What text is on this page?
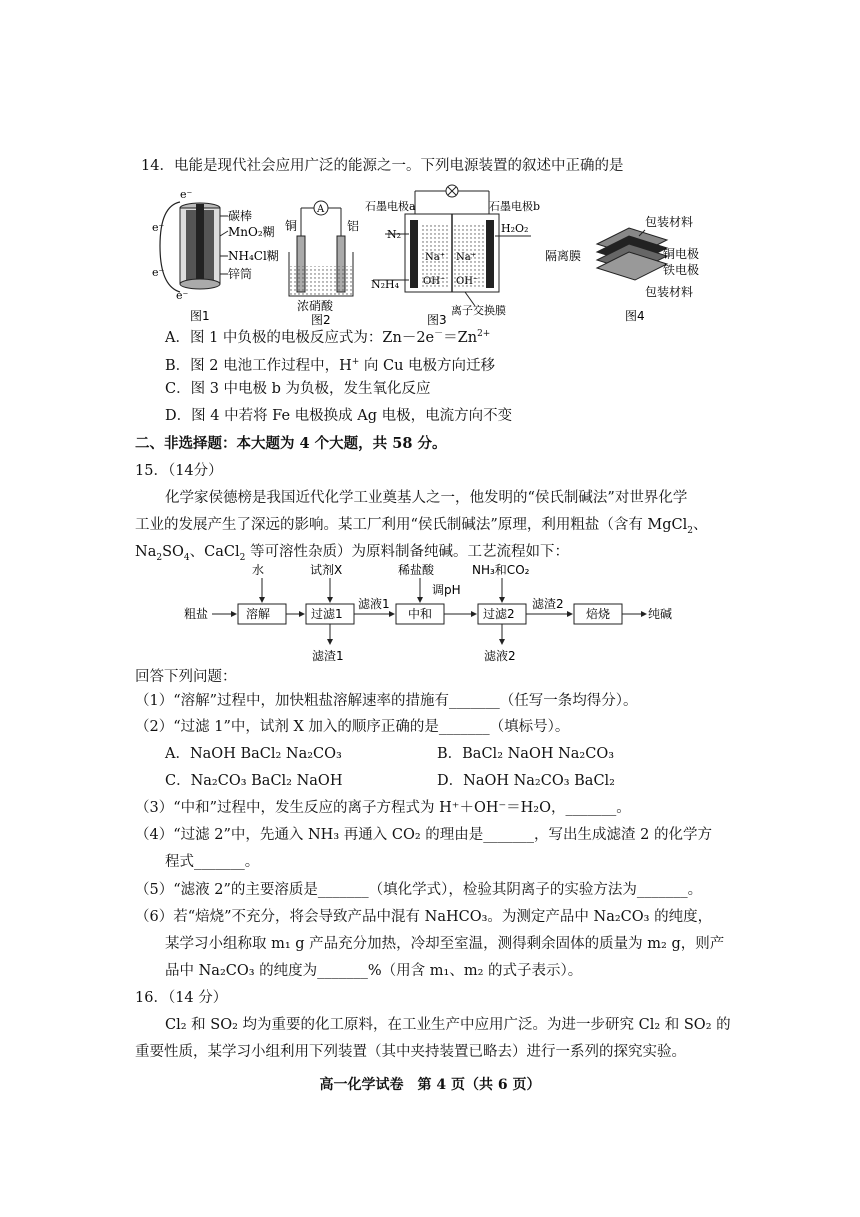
14．电能是现代社会应用广泛的能源之一。下列电源装置的叙述中正确的是
e⁻
e⁻
e⁻
e⁻
碳棒
MnO₂糊
NH₄Cl糊
锌筒
图1
A
铜	铝
浓硝酸
图2
石墨电极a	石墨电极b
Na⁺ Na⁺
OH⁻ OH⁻
N₂
N₂H₄
H₂O₂
离子交换膜
图3
包装材料
隔离膜	铜电极
铁电极
包装材料
图4
A．图 1 中负极的电极反应式为：$Zn-2e^-=Zn^{2+}$
B．图 2 电池工作过程中，H+ 向 Cu 电极方向迁移
C．图 3 中电极 b 为负极，发生氧化反应
D．图 4 中若将 Fe 电极换成 Ag 电极，电流方向不变
二、非选择题：本大题为 4 个大题，共 58 分。
15．（14分）
化学家侯德榜是我国近代化学工业奠基人之一，他发明的“侯氏制碱法”对世界化学
工业的发展产生了深远的影响。某工厂利用“侯氏制碱法”原理，利用粗盐（含有 MgCl$_2$、
$Na_2SO_4$、CaCl$_2$ 等可溶性杂质）为原料制备纯碱。工艺流程如下：
粗盐	溶解	过滤1
滤液1
中和	过滤2
滤渣2
焙烧	纯碱
水	试剂X	稀盐酸
调pH
NH₃和CO₂
滤渣1	滤液2
回答下列问题：
（1）“溶解”过程中，加快粗盐溶解速率的措施有_______（任写一条均得分）。
（2）“过滤 1”中，试剂 X 加入的顺序正确的是_______（填标号）。
A．NaOH BaCl₂ Na₂CO₃	B．BaCl₂ NaOH Na₂CO₃
C．Na₂CO₃ BaCl₂ NaOH	D．NaOH Na₂CO₃ BaCl₂
（3）“中和”过程中，发生反应的离子方程式为 H⁺＋OH⁻＝H₂O，_______。
（4）“过滤 2”中，先通入 NH₃ 再通入 CO₂ 的理由是_______，写出生成滤渣 2 的化学方
程式_______。
（5）“滤液 2”的主要溶质是_______（填化学式），检验其阴离子的实验方法为_______。
（6）若“焙烧”不充分，将会导致产品中混有 NaHCO₃。为测定产品中 Na₂CO₃ 的纯度，
某学习小组称取 m₁ g 产品充分加热，冷却至室温，测得剩余固体的质量为 m₂ g，则产
品中 Na₂CO₃ 的纯度为_______%（用含 m₁、m₂ 的式子表示）。
16．（14 分）
Cl₂ 和 SO₂ 均为重要的化工原料，在工业生产中应用广泛。为进一步研究 Cl₂ 和 SO₂ 的
重要性质，某学习小组利用下列装置（其中夹持装置已略去）进行一系列的探究实验。
高一化学试卷　第 4 页（共 6 页）
